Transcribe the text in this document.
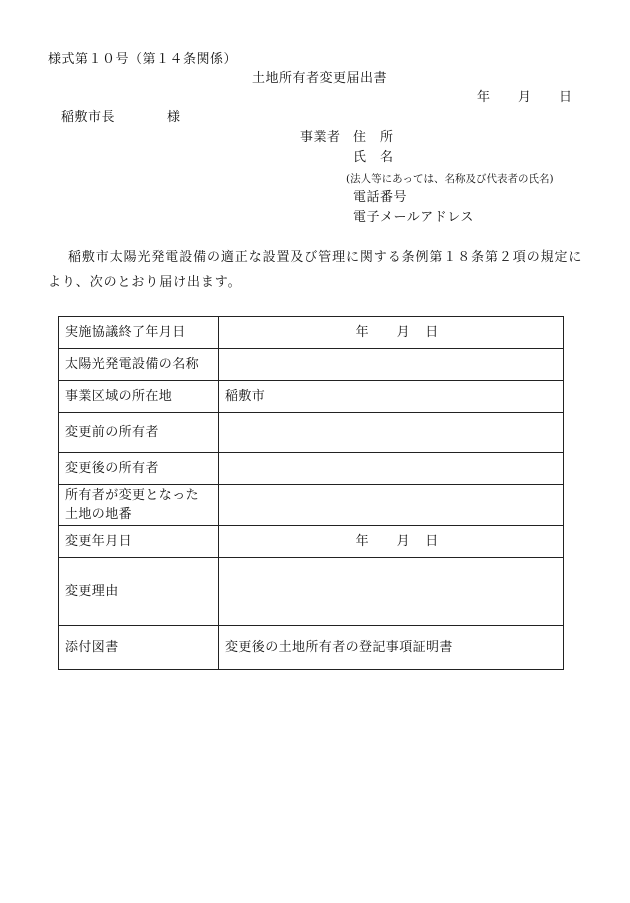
様式第１０号（第１４条関係）
土地所有者変更届出書
年 月 日
稲敷市長	様
事業者 住　所
氏　名
(法人等にあっては、名称及び代表者の氏名)
電話番号
電子メールアドレス
稲敷市太陽光発電設備の適正な設置及び管理に関する条例第１８条第２項の規定により、次のとおり届け出ます。
実施協議終了年月日	年 月 日
太陽光発電設備の名称	
事業区域の所在地	稲敷市
変更前の所有者	
変更後の所有者	
所有者が変更となった
土地の地番	
変更年月日	年 月 日
変更理由	
添付図書	変更後の土地所有者の登記事項証明書
